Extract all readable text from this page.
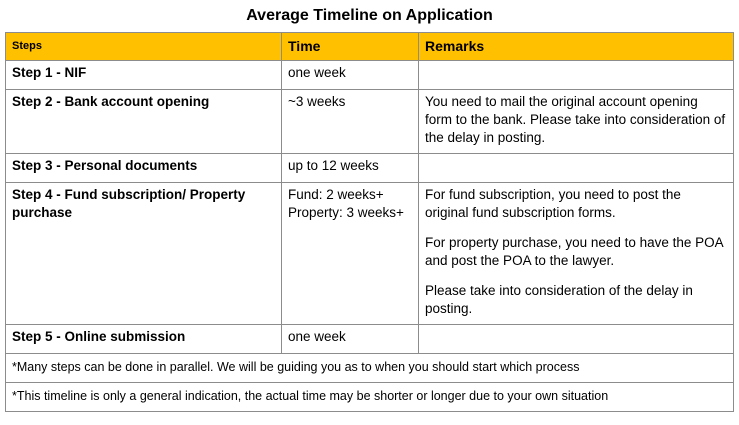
Average Timeline on Application
Steps	Time	Remarks
Step 1 - NIF	one week	
Step 2 - Bank account opening	~3 weeks	You need to mail the original account opening form to the bank. Please take into consideration of the delay in posting.

Step 3 - Personal documents	up to 12 weeks	
Step 4 - Fund subscription/ Property purchase	Fund: 2 weeks+ Property: 3 weeks+	For fund subscription, you need to post the original fund subscription forms.

For property purchase, you need to have the POA and post the POA to the lawyer.

Please take into consideration of the delay in posting.

Step 5 - Online submission	one week	
*Many steps can be done in parallel. We will be guiding you as to when you should start which process		
*This timeline is only a general indication, the actual time may be shorter or longer due to your own situation		
